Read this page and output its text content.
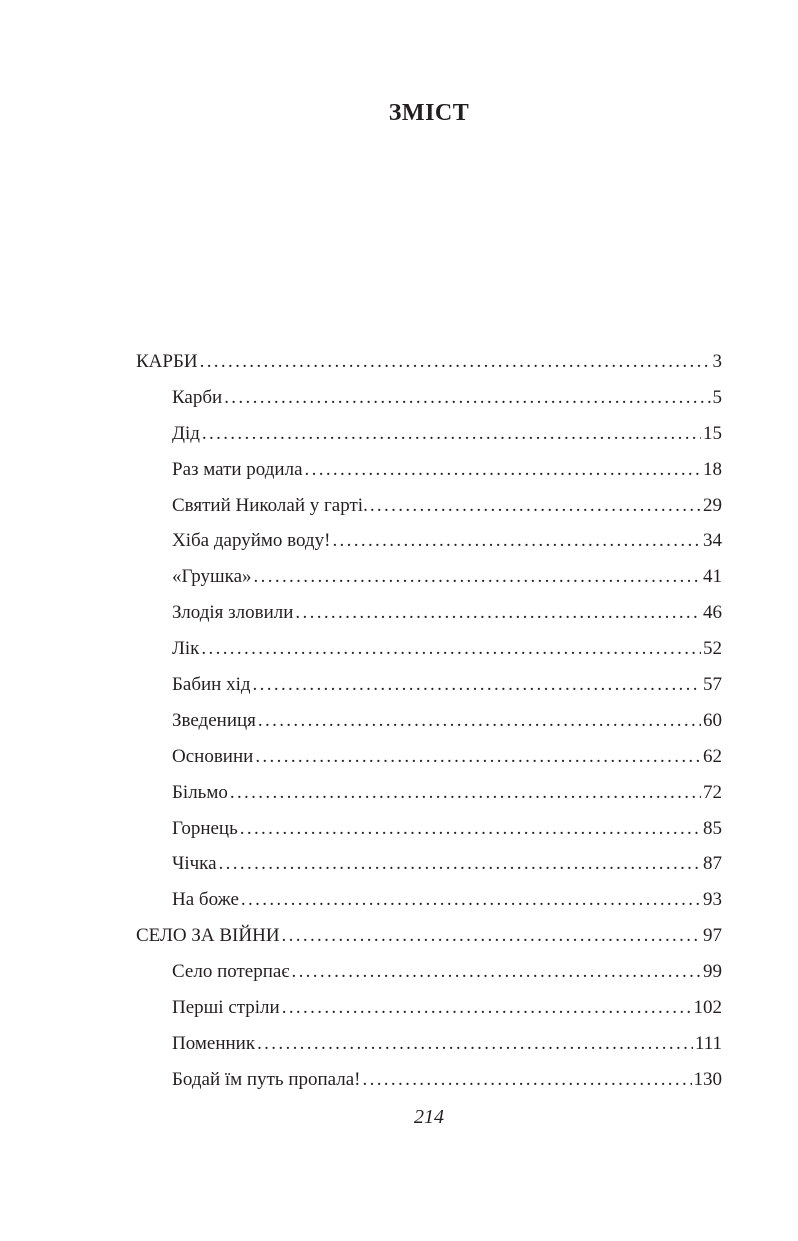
ЗМІСТ
КАРБИ . . .	3
Карби . . .	5
Дід . . .	15
Раз мати родила . . .	18
Святий Николай у гарті. . . .	29
Хіба даруймо воду! . . .	34
«Грушка» . . .	41
Злодія зловили . . .	46
Лік . . .	52
Бабин хід . . .	57
Зведениця . . .	60
Основини . . .	62
Більмо . . .	72
Горнець . . .	85
Чічка . . .	87
На боже . . .	93
СЕЛО ЗА ВІЙНИ . . .	97
Село потерпає . . .	99
Перші стріли . . .	102
Поменник . . .	111
Бодай їм путь пропала! . . .	130
214
